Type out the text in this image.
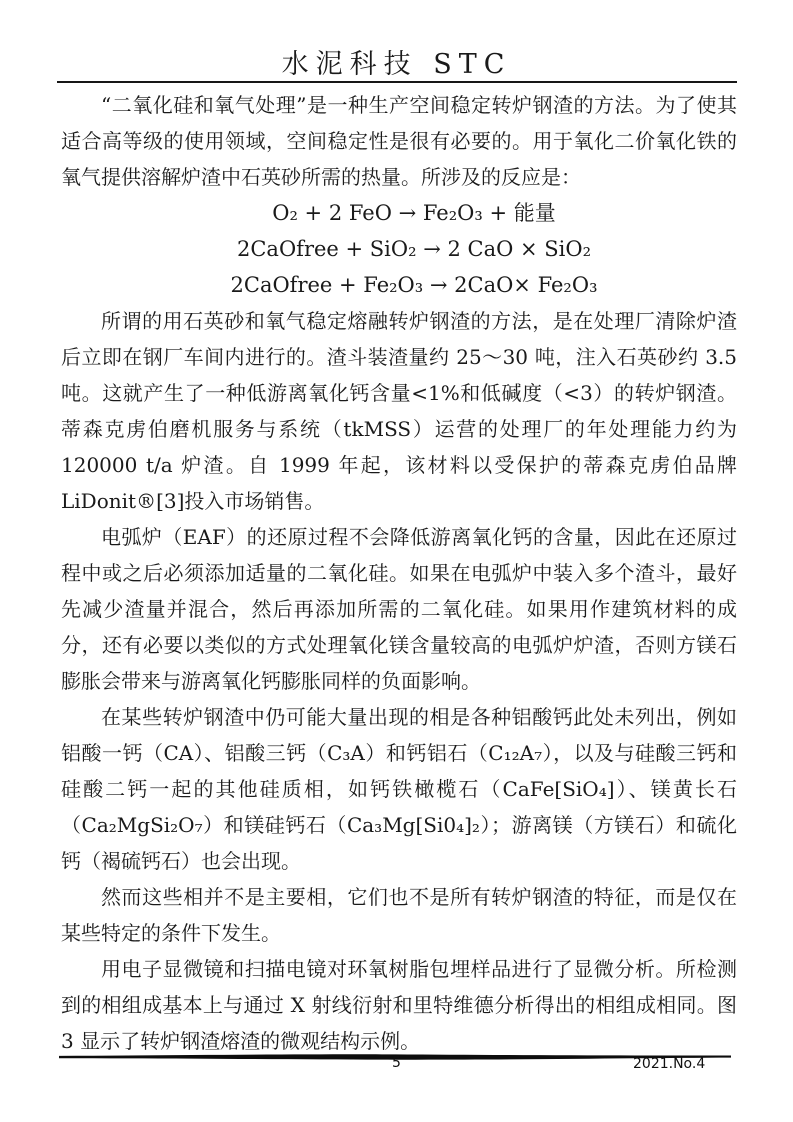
水泥科技 STC

“二氧化硅和氧气处理”是一种生产空间稳定转炉钢渣的方法。为了使其适合高等级的使用领域，空间稳定性是很有必要的。用于氧化二价氧化铁的氧气提供溶解炉渣中石英砂所需的热量。所涉及的反应是：

O₂ + 2 FeO → Fe₂O₃ + 能量
2CaOfree + SiO₂ → 2 CaO × SiO₂
2CaOfree + Fe₂O₃ → 2CaO× Fe₂O₃

所谓的用石英砂和氧气稳定熔融转炉钢渣的方法，是在处理厂清除炉渣后立即在钢厂车间内进行的。渣斗装渣量约 25～30 吨，注入石英砂约 3.5 吨。这就产生了一种低游离氧化钙含量<1%和低碱度（<3）的转炉钢渣。蒂森克虏伯磨机服务与系统（tkMSS）运营的处理厂的年处理能力约为 120000 t/a 炉渣。自 1999 年起，该材料以受保护的蒂森克虏伯品牌 LiDonit®[3]投入市场销售。

电弧炉（EAF）的还原过程不会降低游离氧化钙的含量，因此在还原过程中或之后必须添加适量的二氧化硅。如果在电弧炉中装入多个渣斗，最好先减少渣量并混合，然后再添加所需的二氧化硅。如果用作建筑材料的成分，还有必要以类似的方式处理氧化镁含量较高的电弧炉炉渣，否则方镁石膨胀会带来与游离氧化钙膨胀同样的负面影响。

在某些转炉钢渣中仍可能大量出现的相是各种铝酸钙此处未列出，例如铝酸一钙（CA）、铝酸三钙（C₃A）和钙铝石（C₁₂A₇），以及与硅酸三钙和硅酸二钙一起的其他硅质相，如钙铁橄榄石（CaFe[SiO₄]）、镁黄长石（Ca₂MgSi₂O₇）和镁硅钙石（Ca₃Mg[Si0₄]₂）；游离镁（方镁石）和硫化钙（褐硫钙石）也会出现。

然而这些相并不是主要相，它们也不是所有转炉钢渣的特征，而是仅在某些特定的条件下发生。

用电子显微镜和扫描电镜对环氧树脂包埋样品进行了显微分析。所检测到的相组成基本上与通过 X 射线衍射和里特维德分析得出的相组成相同。图 3 显示了转炉钢渣熔渣的微观结构示例。

5	2021.No.4
